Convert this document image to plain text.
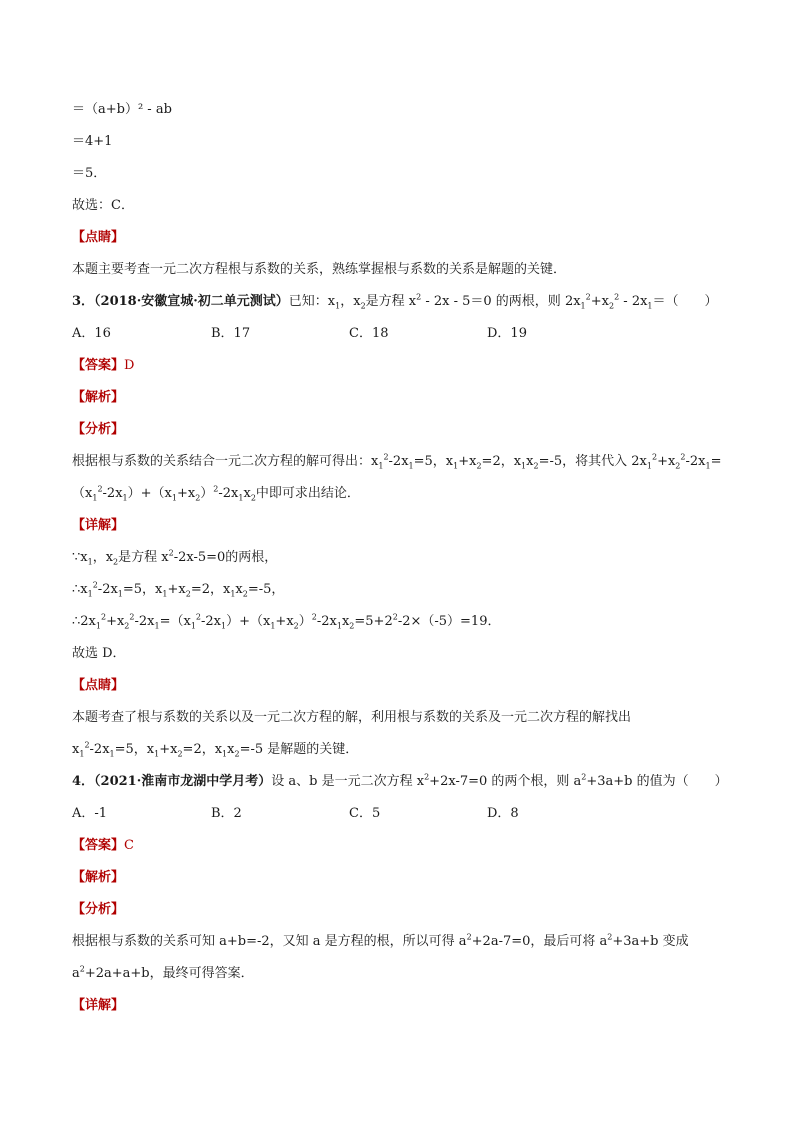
＝（a+b）² - ab
＝4+1
＝5．
故选：C．
【点睛】
本题主要考查一元二次方程根与系数的关系，熟练掌握根与系数的关系是解题的关键．
3．（2018·安徽宣城·初二单元测试）已知：$x_1$，$x_2$是方程 $x^2 - 2x - 5=0$ 的两根，则 $2x_1^2+x_2^2 - 2x_1=$（　　）
A．16	B．17	C．18	D．19
【答案】D
【解析】
【分析】
根据根与系数的关系结合一元二次方程的解可得出：$x_1^2-2x_1=5$，$x_1+x_2=2$，$x_1x_2=-5$，将其代入 $2x_1^2+x_2^2-2x_1=$
$(x_1^2-2x_1)+(x_1+x_2)^2-2x_1x_2$中即可求出结论．
【详解】
$\because x_1$，$x_2$是方程 $x^2-2x-5=0$的两根，
$\therefore x_1^2-2x_1=5$，$x_1+x_2=2$，$x_1x_2=-5$，
$\therefore 2x_1^2+x_2^2-2x_1=(x_1^2-2x_1)+(x_1+x_2)^2-2x_1x_2=5+2^2-2\times(-5)=19$．
故选 D．
【点睛】
本题考查了根与系数的关系以及一元二次方程的解，利用根与系数的关系及一元二次方程的解找出
$x_1^2-2x_1=5$，$x_1+x_2=2$，$x_1x_2=-5$ 是解题的关键．
4．（2021·淮南市龙湖中学月考）设 a、b 是一元二次方程 $x^2+2x-7=0$ 的两个根，则 $a^2+3a+b$ 的值为（　　）
A．-1	B．2	C．5	D．8
【答案】C
【解析】
【分析】
根据根与系数的关系可知 a+b=-2，又知 a 是方程的根，所以可得 $a^2+2a-7=0$，最后可将 $a^2+3a+b$ 变成
$a^2+2a+a+b$，最终可得答案．
【详解】
